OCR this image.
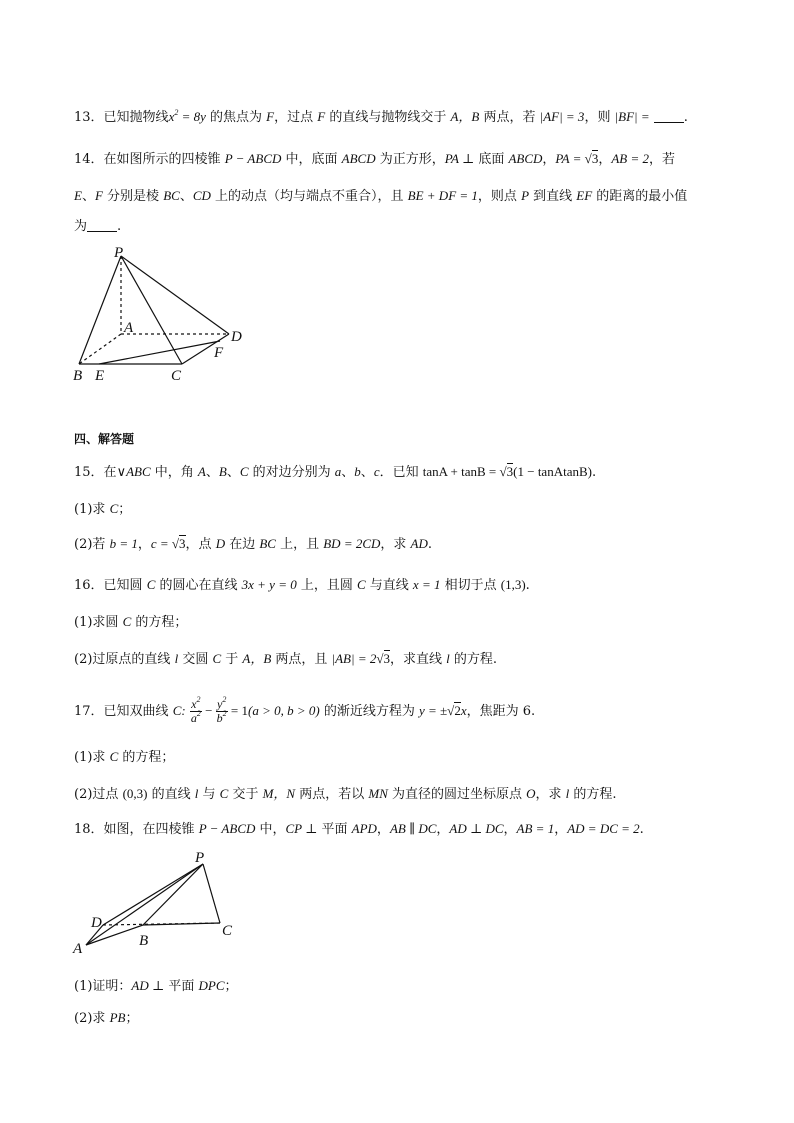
13．已知抛物线$x^2 = 8y$ 的焦点为 F，过点 F 的直线与抛物线交于 A，B 两点，若 |AF| = 3，则 |BF| =	.
14．在如图所示的四棱锥 P − ABCD 中，底面 ABCD 为正方形，PA ⊥ 底面 ABCD，PA = √3，AB = 2，若
E、F 分别是棱 BC、CD 上的动点（均与端点不重合），且 BE + DF = 1，则点 P 到直线 EF 的距离的最小值
为 .
P
A
B E	C
F
D
四、解答题
15．在∨ABC 中，角 A、B、C 的对边分别为 a、b、c．已知 tanA + tanB = √3(1 − tanAtanB).
(1)求 C；
(2)若 b = 1，c = √3，点 D 在边 BC 上，且 BD = 2CD，求 AD.
16．已知圆 C 的圆心在直线 3x + y = 0 上，且圆 C 与直线 x = 1 相切于点 (1,3).
(1)求圆 C 的方程；
(2)过原点的直线 l 交圆 C 于 A，B 两点，且 |AB| = 2√3，求直线 l 的方程.
17．已知双曲线 C: $\frac{x^2}{a^2} - \frac{y^2}{b^2} = 1(a > 0$, b > 0) 的渐近线方程为 y = ±√2x，焦距为 6.
(1)求 C 的方程；
(2)过点 (0,3) 的直线 l 与 C 交于 M，N 两点，若以 MN 为直径的圆过坐标原点 O，求 l 的方程.
18．如图，在四棱锥 P − ABCD 中，CP ⊥ 平面 APD，AB ∥ DC，AD ⊥ DC，AB = 1，AD = DC = 2.
P
D
A	B
C
(1)证明：AD ⊥ 平面 DPC；
(2)求 PB；
